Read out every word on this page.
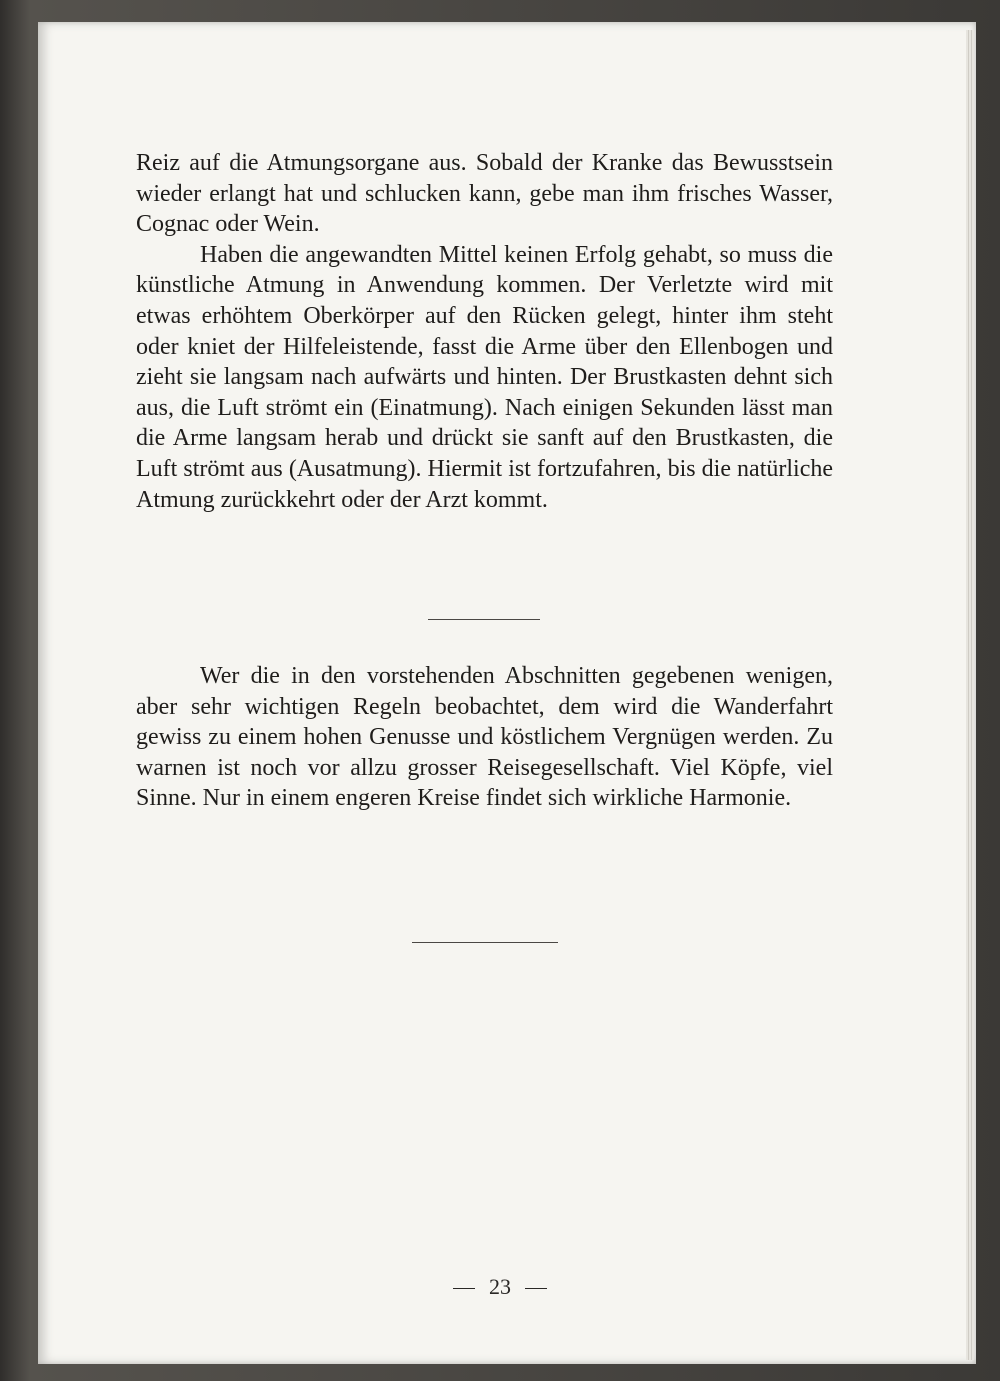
Reiz auf die Atmungsorgane aus. Sobald der Kranke das Bewusstsein wieder erlangt hat und schlucken kann, gebe man ihm frisches Wasser, Cognac oder Wein.

Haben die angewandten Mittel keinen Erfolg gehabt, so muss die künstliche Atmung in Anwendung kommen. Der Verletzte wird mit etwas erhöhtem Oberkörper auf den Rücken gelegt, hinter ihm steht oder kniet der Hilfeleistende, fasst die Arme über den Ellenbogen und zieht sie langsam nach aufwärts und hinten. Der Brustkasten dehnt sich aus, die Luft strömt ein (Einatmung). Nach einigen Sekunden lässt man die Arme langsam herab und drückt sie sanft auf den Brustkasten, die Luft strömt aus (Ausatmung). Hiermit ist fortzufahren, bis die natürliche Atmung zurückkehrt oder der Arzt kommt.

Wer die in den vorstehenden Abschnitten gegebenen wenigen, aber sehr wichtigen Regeln beobachtet, dem wird die Wanderfahrt gewiss zu einem hohen Genusse und köstlichem Vergnügen werden. Zu warnen ist noch vor allzu grosser Reisegesellschaft. Viel Köpfe, viel Sinne. Nur in einem engeren Kreise findet sich wirkliche Harmonie.

23
